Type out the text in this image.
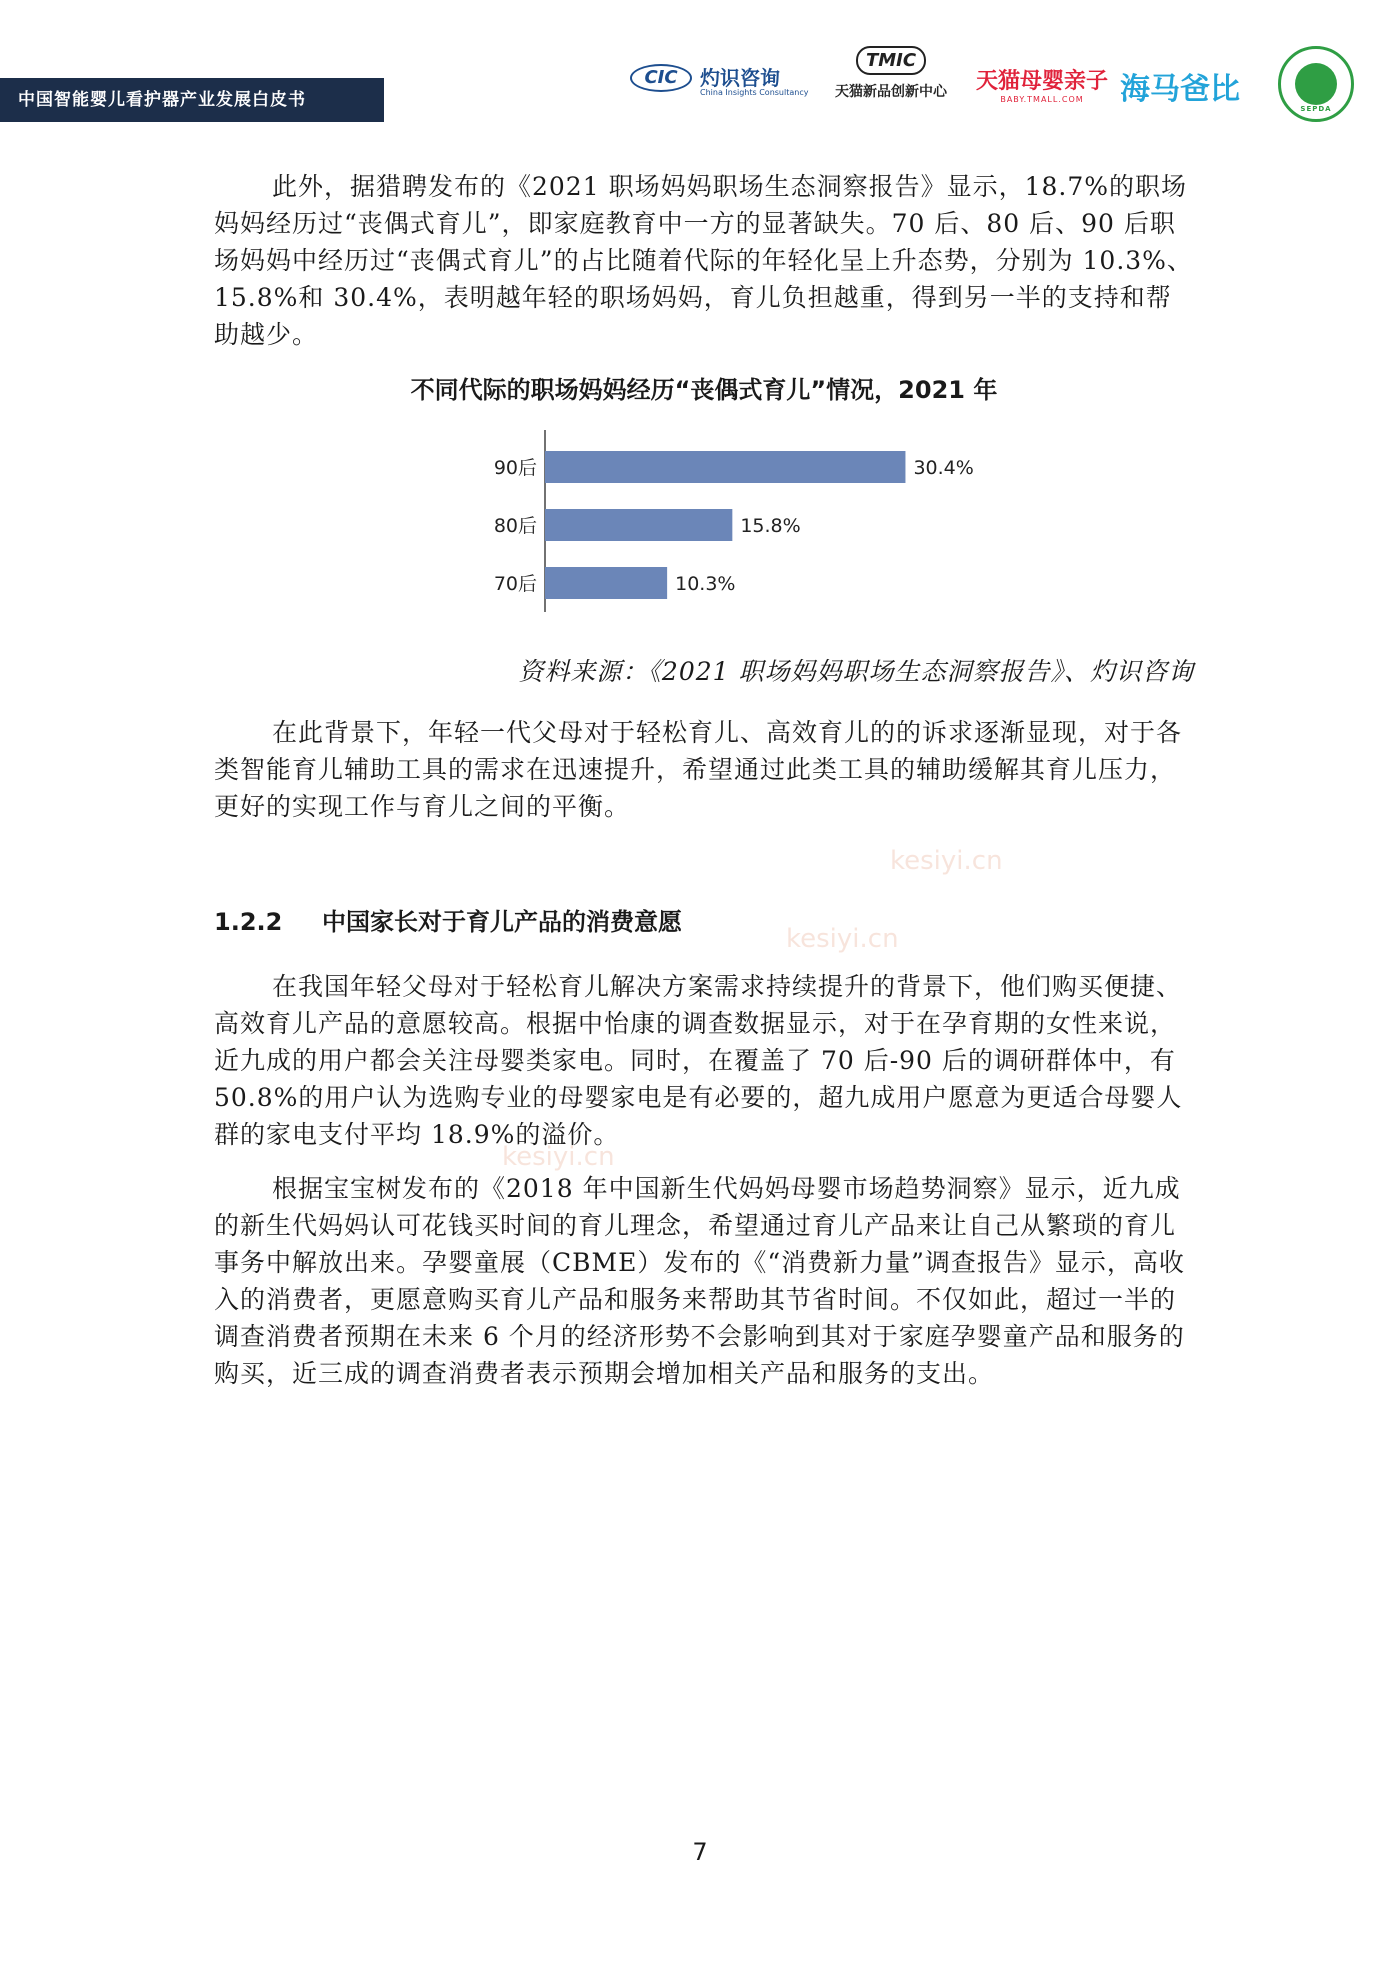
中国智能婴儿看护器产业发展白皮书
CIC	灼识咨询
China Insights Consultancy
TMIC
天猫新品创新中心	天猫母婴亲子
BABY.TMALL.COM	海马爸比
SEPDA

此外，据猎聘发布的《2021 职场妈妈职场生态洞察报告》显示，18.7%的职场妈妈经历过“丧偶式育儿”，即家庭教育中一方的显著缺失。70 后、80 后、90 后职场妈妈中经历过“丧偶式育儿”的占比随着代际的年轻化呈上升态势，分别为 10.3%、15.8%和 30.4%，表明越年轻的职场妈妈，育儿负担越重，得到另一半的支持和帮助越少。

不同代际的职场妈妈经历“丧偶式育儿”情况，2021 年
90后	30.4%
80后	15.8%
70后	10.3%
资料来源：《2021 职场妈妈职场生态洞察报告》、灼识咨询

在此背景下，年轻一代父母对于轻松育儿、高效育儿的的诉求逐渐显现，对于各类智能育儿辅助工具的需求在迅速提升，希望通过此类工具的辅助缓解其育儿压力，更好的实现工作与育儿之间的平衡。

kesiyi.cn
kesiyi.cn
kesiyi.cn
1.2.2 中国家长对于育儿产品的消费意愿

在我国年轻父母对于轻松育儿解决方案需求持续提升的背景下，他们购买便捷、高效育儿产品的意愿较高。根据中怡康的调查数据显示，对于在孕育期的女性来说，近九成的用户都会关注母婴类家电。同时，在覆盖了 70 后-90 后的调研群体中，有 50.8%的用户认为选购专业的母婴家电是有必要的，超九成用户愿意为更适合母婴人群的家电支付平均 18.9%的溢价。

根据宝宝树发布的《2018 年中国新生代妈妈母婴市场趋势洞察》显示，近九成的新生代妈妈认可花钱买时间的育儿理念，希望通过育儿产品来让自己从繁琐的育儿事务中解放出来。孕婴童展（CBME）发布的《“消费新力量”调查报告》显示，高收入的消费者，更愿意购买育儿产品和服务来帮助其节省时间。不仅如此，超过一半的调查消费者预期在未来 6 个月的经济形势不会影响到其对于家庭孕婴童产品和服务的购买，近三成的调查消费者表示预期会增加相关产品和服务的支出。

7
